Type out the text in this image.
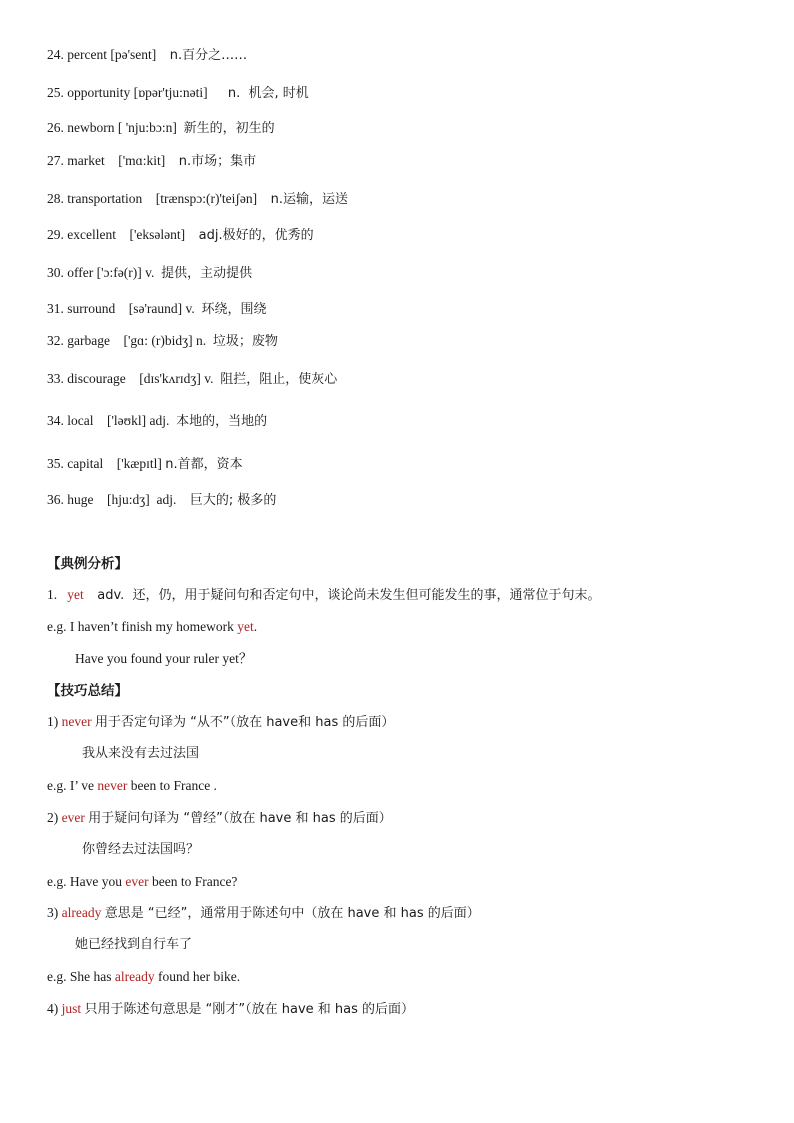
24. percent [pə'sent] n.百分之……
25. opportunity [ɒpər'tju:nəti] n.  机会, 时机
26. newborn [ 'nju:bɔ:n] 新生的，初生的
27. market ['mɑ:kit] n.市场；集市
28. transportation [trænspɔ:(r)'teiʃən] n.运输，运送
29. excellent ['eksələnt] adj.极好的，优秀的
30. offer ['ɔ:fə(r)] v. 提供，主动提供
31. surround [sə'raund] v. 环绕，围绕
32. garbage ['gɑ: (r)bidʒ] n. 垃圾；废物
33. discourage [dɪs'kʌrɪdʒ] v. 阻拦，阻止，使灰心
34. local ['ləʊkl] adj. 本地的，当地的
35. capital ['kæpɪtl] n.首都，资本
36. huge [hju:dʒ]  adj. 巨大的; 极多的
【典例分析】
1. yet adv.  还，仍，用于疑问句和否定句中，谈论尚未发生但可能发生的事，通常位于句末。
e.g. I haven’t finish my homework yet.
Have you found your ruler yet？
【技巧总结】
1) never 用于否定句译为 “从不”（放在 have和 has 的后面）
我从来没有去过法国
e.g. I’ ve never been to France .
2) ever 用于疑问句译为 “曾经”（放在 have 和 has 的后面）
你曾经去过法国吗？
e.g. Have you ever been to France?
3) already 意思是 “已经”，通常用于陈述句中（放在 have 和 has 的后面）
她已经找到自行车了
e.g. She has already found her bike.
4) just 只用于陈述句意思是 “刚才”（放在 have 和 has 的后面）
